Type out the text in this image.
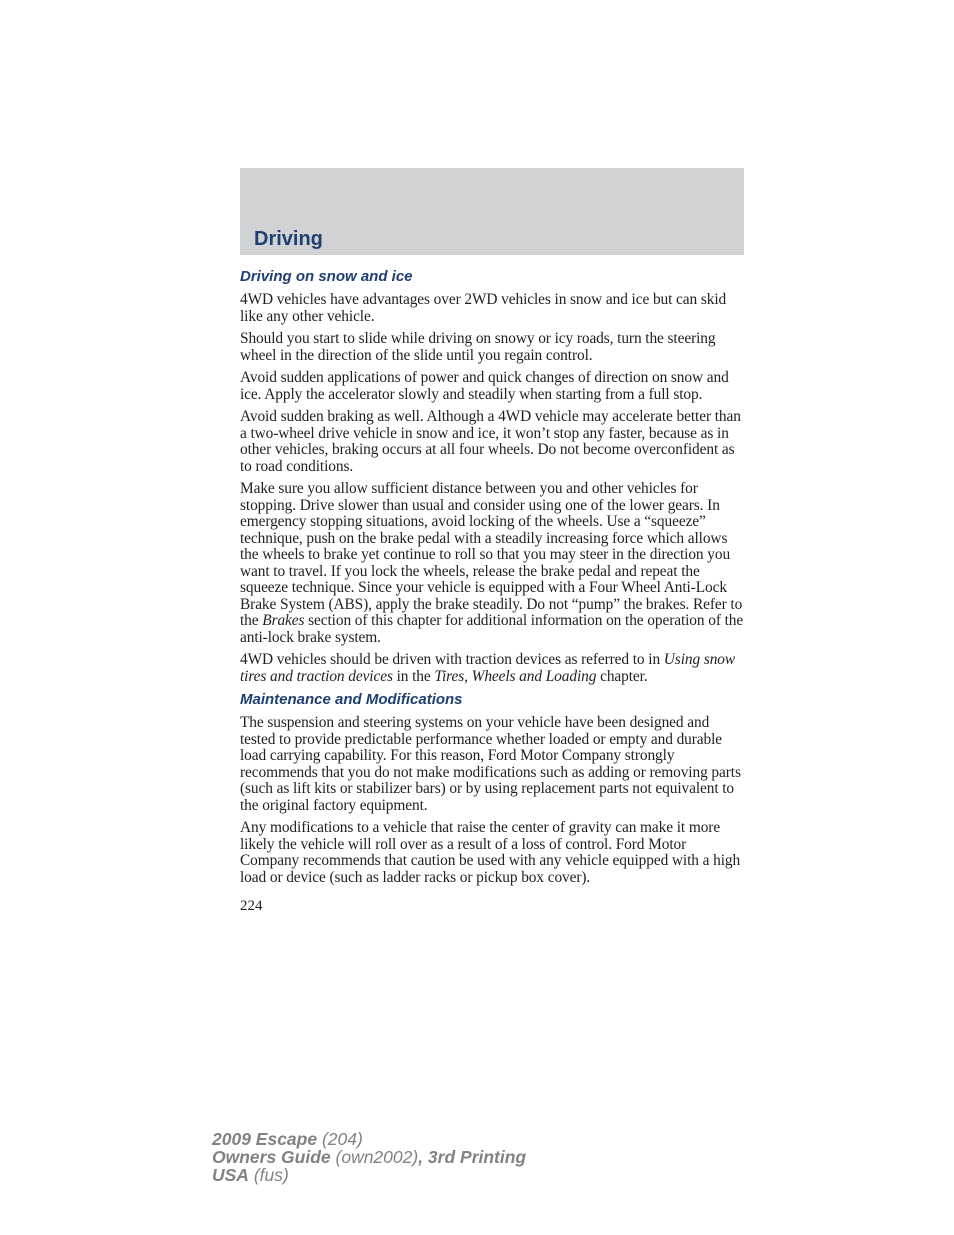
Driving
Driving on snow and ice

4WD vehicles have advantages over 2WD vehicles in snow and ice but can skid like any other vehicle.

Should you start to slide while driving on snowy or icy roads, turn the steering wheel in the direction of the slide until you regain control.

Avoid sudden applications of power and quick changes of direction on snow and ice. Apply the accelerator slowly and steadily when starting from a full stop.

Avoid sudden braking as well. Although a 4WD vehicle may accelerate better than a two-wheel drive vehicle in snow and ice, it won’t stop any faster, because as in other vehicles, braking occurs at all four wheels. Do not become overconfident as to road conditions.

Make sure you allow sufficient distance between you and other vehicles for stopping. Drive slower than usual and consider using one of the lower gears. In emergency stopping situations, avoid locking of the wheels. Use a “squeeze” technique, push on the brake pedal with a steadily increasing force which allows the wheels to brake yet continue to roll so that you may steer in the direction you want to travel. If you lock the wheels, release the brake pedal and repeat the squeeze technique. Since your vehicle is equipped with a Four Wheel Anti-Lock Brake System (ABS), apply the brake steadily. Do not “pump” the brakes. Refer to the Brakes section of this chapter for additional information on the operation of the anti-lock brake system.

4WD vehicles should be driven with traction devices as referred to in Using snow tires and traction devices in the Tires, Wheels and Loading chapter.

Maintenance and Modifications

The suspension and steering systems on your vehicle have been designed and tested to provide predictable performance whether loaded or empty and durable load carrying capability. For this reason, Ford Motor Company strongly recommends that you do not make modifications such as adding or removing parts (such as lift kits or stabilizer bars) or by using replacement parts not equivalent to the original factory equipment.

Any modifications to a vehicle that raise the center of gravity can make it more likely the vehicle will roll over as a result of a loss of control. Ford Motor Company recommends that caution be used with any vehicle equipped with a high load or device (such as ladder racks or pickup box cover).

224
2009 Escape (204)
Owners Guide (own2002), 3rd Printing
USA (fus)
